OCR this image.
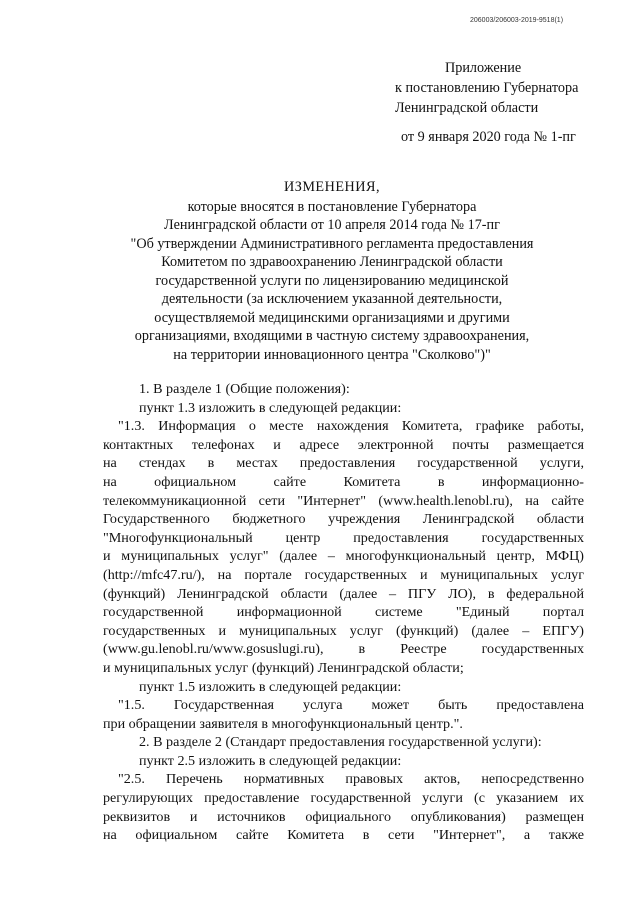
206003/206003-2019-9518(1)
Приложение
к постановлению Губернатора
Ленинградской области
от 9 января 2020 года № 1-пг
ИЗМЕНЕНИЯ,
которые вносятся в постановление Губернатора
Ленинградской области от 10 апреля 2014 года № 17-пг
"Об утверждении Административного регламента предоставления
Комитетом по здравоохранению Ленинградской области
государственной услуги по лицензированию медицинской
деятельности (за исключением указанной деятельности,
осуществляемой медицинскими организациями и другими
организациями, входящими в частную систему здравоохранения,
на территории инновационного центра "Сколково")"
1. В разделе 1 (Общие положения):
пункт 1.3 изложить в следующей редакции:
"1.3. Информация о месте нахождения Комитета, графике работы,
контактных телефонах и адресе электронной почты размещается
на стендах в местах предоставления государственной услуги,
на официальном сайте Комитета в информационно-
телекоммуникационной сети "Интернет" (www.health.lenobl.ru), на сайте
Государственного бюджетного учреждения Ленинградской области
"Многофункциональный центр предоставления государственных
и муниципальных услуг" (далее – многофункциональный центр, МФЦ)
(http://mfc47.ru/), на портале государственных и муниципальных услуг
(функций) Ленинградской области (далее – ПГУ ЛО), в федеральной
государственной информационной системе "Единый портал
государственных и муниципальных услуг (функций) (далее – ЕПГУ)
(www.gu.lenobl.ru/www.gosuslugi.ru), в Реестре государственных
и муниципальных услуг (функций) Ленинградской области;
пункт 1.5 изложить в следующей редакции:
"1.5. Государственная услуга может быть предоставлена
при обращении заявителя в многофункциональный центр.".
2. В разделе 2 (Стандарт предоставления государственной услуги):
пункт 2.5 изложить в следующей редакции:
"2.5. Перечень нормативных правовых актов, непосредственно
регулирующих предоставление государственной услуги (с указанием их
реквизитов и источников официального опубликования) размещен
на официальном сайте Комитета в сети "Интернет", а также
